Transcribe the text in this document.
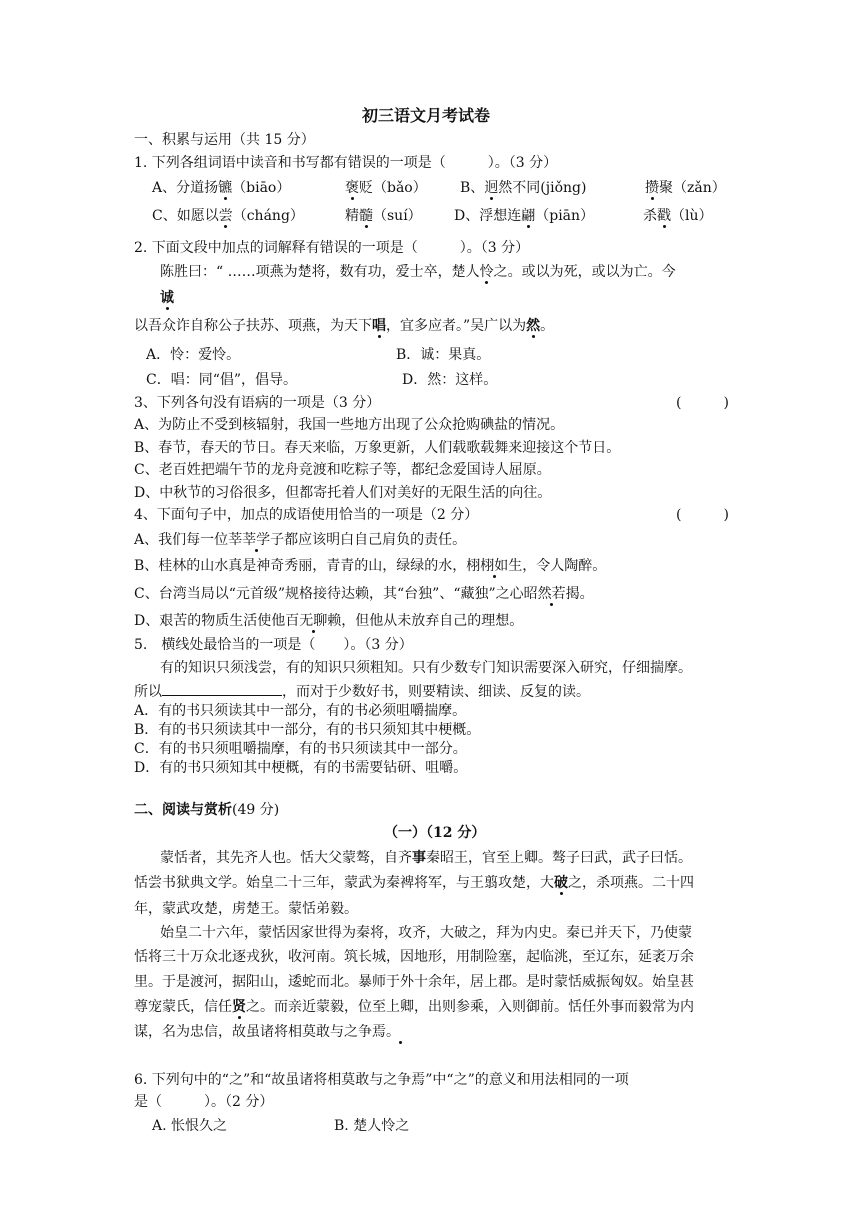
初三语文月考试卷
一、积累与运用（共 15 分）
1. 下列各组词语中读音和书写都有错误的一项是（　　　）。（3 分）
A、分道扬镳（biāo）	褒贬（bǎo） B、迥然不同(jiǒng)	攒聚（zǎn）
C、如愿以尝（cháng）	精髓（suí） D、浮想连翩（piān）	杀戳（lù）
2. 下面文段中加点的词解释有错误的一项是（　　　）。（3 分）
陈胜曰：“ ……项燕为楚将，数有功，爱士卒，楚人怜之。或以为死，或以为亡。今
诚
以吾众诈自称公子扶苏、项燕，为天下唱，宜多应者。”吴广以为然。
A．怜：爱怜。	B．诚：果真。
C．唱：同“倡”，倡导。	D．然：这样。
3、下列各句没有语病的一项是（3 分）	(　　　)
A、为防止不受到核辐射，我国一些地方出现了公众抢购碘盐的情况。
B、春节，春天的节日。春天来临，万象更新，人们载歌载舞来迎接这个节日。
C、老百姓把端午节的龙舟竞渡和吃粽子等，都纪念爱国诗人屈原。
D、中秋节的习俗很多，但都寄托着人们对美好的无限生活的向往。
4、下面句子中，加点的成语使用恰当的一项是（2 分）	(　　　)
A、我们每一位莘莘学子都应该明白自己肩负的责任。
B、桂林的山水真是神奇秀丽，青青的山，绿绿的水，栩栩如生，令人陶醉。
C、台湾当局以“元首级”规格接待达赖，其“台独”、“藏独”之心昭然若揭。
D、艰苦的物质生活使他百无聊赖，但他从未放弃自己的理想。
5.　横线处最恰当的一项是（　　）。（3 分）
有的知识只须浅尝，有的知识只须粗知。只有少数专门知识需要深入研究，仔细揣摩。
所以	，而对于少数好书，则要精读、细读、反复的读。
A．有的书只须读其中一部分，有的书必须咀嚼揣摩。
B．有的书只须读其中一部分，有的书只须知其中梗概。
C．有的书只须咀嚼揣摩，有的书只须读其中一部分。
D．有的书只须知其中梗概，有的书需要钻研、咀嚼。
二、阅读与赏析(49 分)
（一）（12 分）
蒙恬者，其先齐人也。恬大父蒙骜，自齐事秦昭王，官至上卿。骜子曰武，武子曰恬。
恬尝书狱典文学。始皇二十三年，蒙武为秦裨将军，与王翦攻楚，大破之，杀项燕。二十四
年，蒙武攻楚，虏楚王。蒙恬弟毅。
始皇二十六年，蒙恬因家世得为秦将，攻齐，大破之，拜为内史。秦已并天下，乃使蒙
恬将三十万众北逐戎狄，收河南。筑长城，因地形，用制险塞，起临洮，至辽东，延袤万余
里。于是渡河，据阳山，逶蛇而北。暴师于外十余年，居上郡。是时蒙恬威振匈奴。始皇甚
尊宠蒙氏，信任贤之。而亲近蒙毅，位至上卿，出则参乘，入则御前。恬任外事而毅常为内
谋，名为忠信，故虽诸将相莫敢与之争焉。
6. 下列句中的“之”和“故虽诸将相莫敢与之争焉”中“之”的意义和用法相同的一项
是（　　　）。（2 分）
A. 怅恨久之	B. 楚人怜之
